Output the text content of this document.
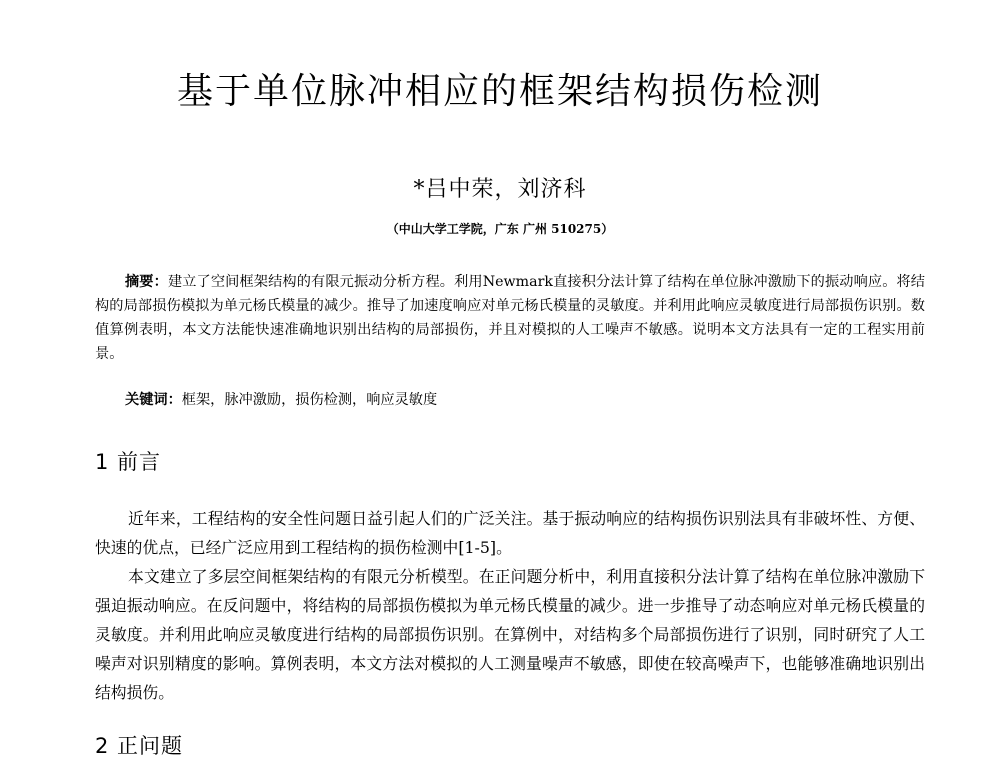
基于单位脉冲相应的框架结构损伤检测
*吕中荣，刘济科
（中山大学工学院，广东 广州 510275）
摘要：建立了空间框架结构的有限元振动分析方程。利用Newmark直接积分法计算了结构在单位脉冲激励下的振动响应。将结构的局部损伤模拟为单元杨氏模量的减少。推导了加速度响应对单元杨氏模量的灵敏度。并利用此响应灵敏度进行局部损伤识别。数值算例表明，本文方法能快速准确地识别出结构的局部损伤，并且对模拟的人工噪声不敏感。说明本文方法具有一定的工程实用前景。
关键词：框架，脉冲激励，损伤检测，响应灵敏度
1 前言

近年来，工程结构的安全性问题日益引起人们的广泛关注。基于振动响应的结构损伤识别法具有非破坏性、方便、快速的优点，已经广泛应用到工程结构的损伤检测中[1-5]。

本文建立了多层空间框架结构的有限元分析模型。在正问题分析中，利用直接积分法计算了结构在单位脉冲激励下强迫振动响应。在反问题中，将结构的局部损伤模拟为单元杨氏模量的减少。进一步推导了动态响应对单元杨氏模量的灵敏度。并利用此响应灵敏度进行结构的局部损伤识别。在算例中，对结构多个局部损伤进行了识别，同时研究了人工噪声对识别精度的影响。算例表明，本文方法对模拟的人工测量噪声不敏感，即使在较高噪声下，也能够准确地识别出结构损伤。

2 正问题
